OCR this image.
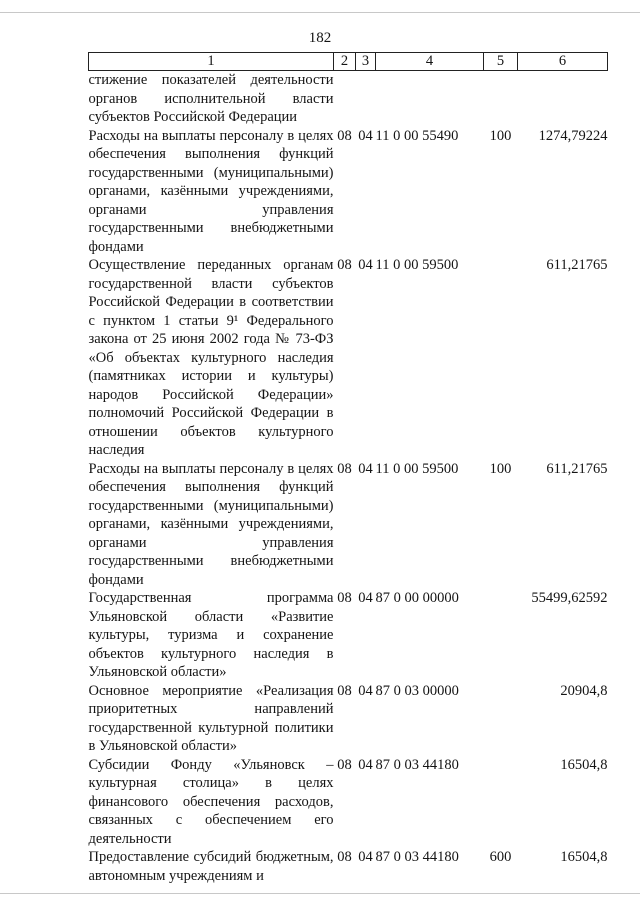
182
1	2	3	4	5	6
стижение показателей деятельности органов исполнительной власти субъектов Российской Федерации					
Расходы на выплаты персоналу в целях обеспечения выполнения функций государственными (муниципальными) органами, казёнными учреждениями, органами управления государственными внебюджетными фондами	08	04	11 0 00 55490	100	1274,79224
Осуществление переданных органам государственной власти субъектов Российской Федерации в соответствии с пунктом 1 статьи 9¹ Федерального закона от 25 июня 2002 года № 73-ФЗ «Об объектах культурного наследия (памятниках истории и культуры) народов Российской Федерации» полномочий Российской Федерации в отношении объектов культурного наследия	08	04	11 0 00 59500		611,21765
Расходы на выплаты персоналу в целях обеспечения выполнения функций государственными (муниципальными) органами, казёнными учреждениями, органами управления государственными внебюджетными фондами	08	04	11 0 00 59500	100	611,21765
Государственная программа Ульяновской области «Развитие культуры, туризма и сохранение объектов культурного наследия в Ульяновской области»	08	04	87 0 00 00000		55499,62592
Основное мероприятие «Реализация приоритетных направлений государственной культурной политики в Ульяновской области»	08	04	87 0 03 00000		20904,8
Субсидии Фонду «Ульяновск – культурная столица» в целях финансового обеспечения расходов, связанных с обеспечением его деятельности	08	04	87 0 03 44180		16504,8
Предоставление субсидий бюджетным, автономным учреждениям и	08	04	87 0 03 44180	600	16504,8
